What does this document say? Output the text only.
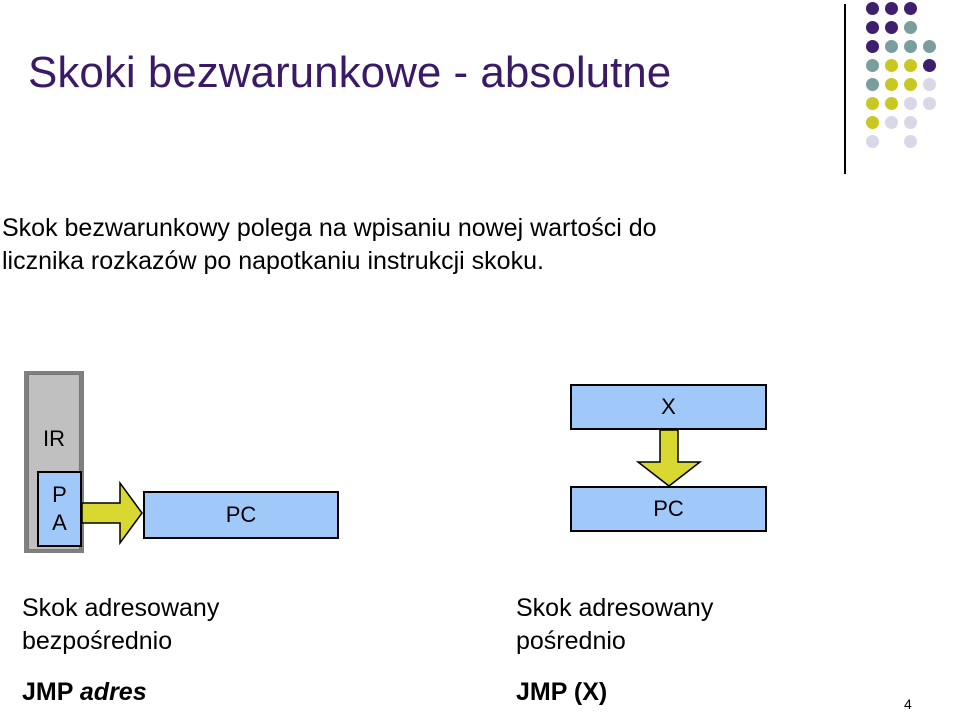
Skoki bezwarunkowe - absolutne
Skok bezwarunkowy polega na wpisaniu nowej wartości do
licznika rozkazów po napotkaniu instrukcji skoku.
IR
P
A	PC
X
PC
Skok adresowany
bezpośrednio
Skok adresowany
pośrednio
JMP adres	JMP (X)	4
